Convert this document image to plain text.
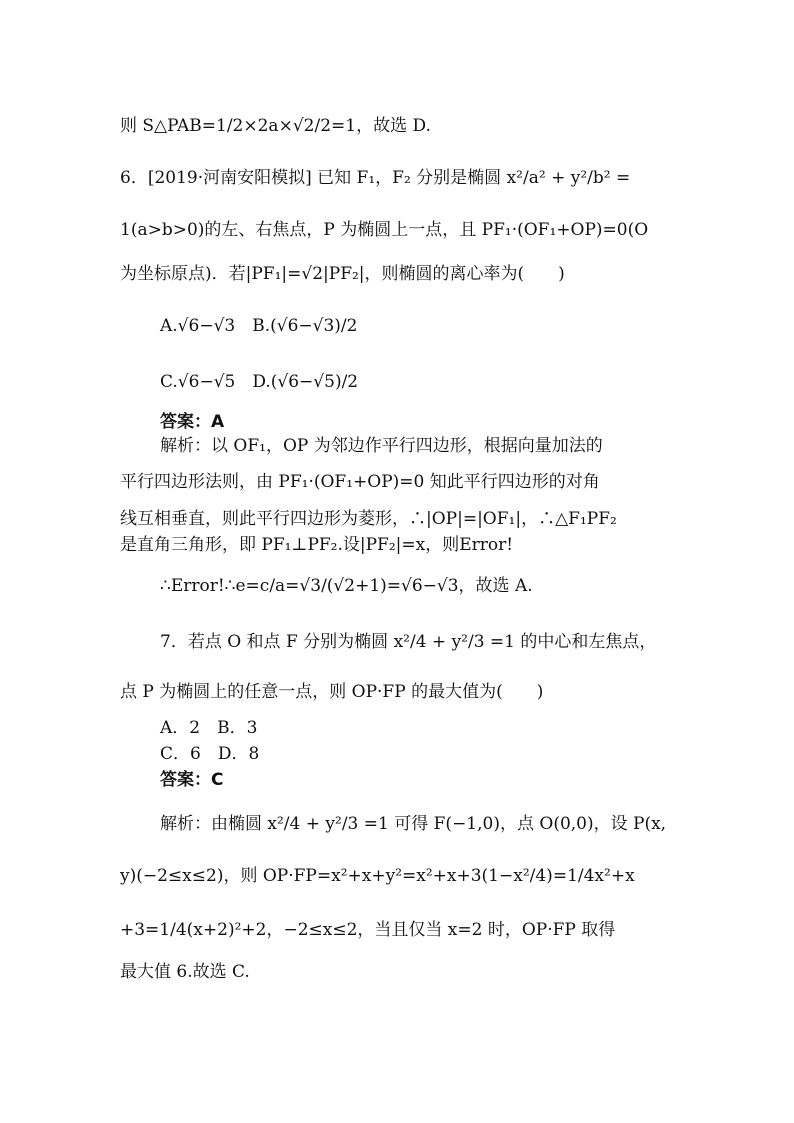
则 S△PAB=1/2×2a×√2/2=1，故选 D.
6．[2019·河南安阳模拟] 已知 F₁，F₂ 分别是椭圆 x²/a² + y²/b² =
1(a>b>0)的左、右焦点，P 为椭圆上一点，且 PF₁·(OF₁+OP)=0(O
为坐标原点)．若|PF₁|=√2|PF₂|，则椭圆的离心率为(　　)
A.√6−√3　B.(√6−√3)/2
C.√6−√5　D.(√6−√5)/2
答案：A
解析：以 OF₁，OP 为邻边作平行四边形，根据向量加法的
平行四边形法则，由 PF₁·(OF₁+OP)=0 知此平行四边形的对角
线互相垂直，则此平行四边形为菱形，∴|OP|=|OF₁|，∴△F₁PF₂
是直角三角形，即 PF₁⊥PF₂.设|PF₂|=x，则Error!
∴Error!∴e=c/a=√3/(√2+1)=√6−√3，故选 A.
7．若点 O 和点 F 分别为椭圆 x²/4 + y²/3 =1 的中心和左焦点，
点 P 为椭圆上的任意一点，则 OP·FP 的最大值为(　　)
A．2　B．3
C．6　D．8
答案：C
解析：由椭圆 x²/4 + y²/3 =1 可得 F(−1,0)，点 O(0,0)，设 P(x,
y)(−2≤x≤2)，则 OP·FP=x²+x+y²=x²+x+3(1−x²/4)=1/4x²+x
+3=1/4(x+2)²+2，−2≤x≤2，当且仅当 x=2 时，OP·FP 取得
最大值 6.故选 C.
